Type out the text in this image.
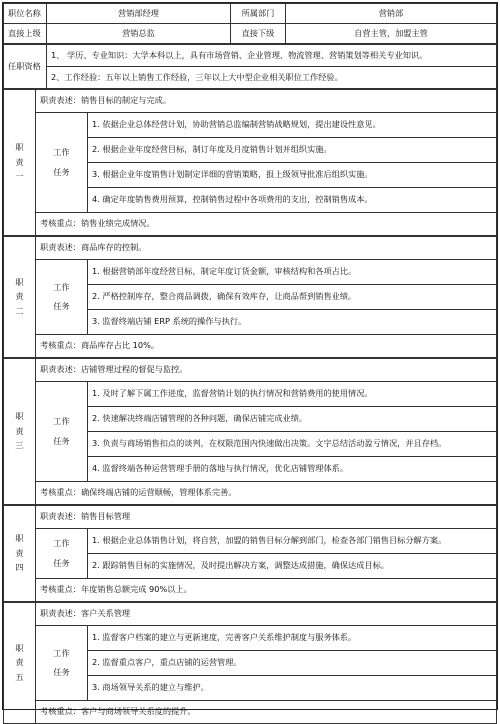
职位名称	营销部经理	所属部门	营销部
直接上级	营销总监	直接下级	自营主管，加盟主管
任职资格	1、 学历、专业知识：大学本科以上，具有市场营销、企业管理、物流管理、营销策划等相关专业知识。
2、工作经验：五年以上销售工作经验，三年以上大中型企业相关职位工作经验。
职
责
一	职责表述：销售目标的制定与完成。	

	工作
任务	1. 依据企业总体经营计划，协助营销总监编制营销战略规划，提出建设性意见。
		2. 根据企业年度经营目标，制订年度及月度销售计划并组织实施。
		3. 根据企业年度销售计划制定详细的营销策略，报上级领导批准后组织实施。
		4. 确定年度销售费用预算，控制销售过程中各项费用的支出，控制销售成本。
	考核重点：销售业绩完成情况。	
职
责
二	职责表述：商品库存的控制。	

	工作
任务	1. 根据营销部年度经营目标，制定年度订货金额，审核结构和各项占比。
		2. 严格控制库存，整合商品调拨，确保有效库存，让商品帮到销售业绩。
		3. 监督终端店铺 ERP 系统的操作与执行。
	考核重点：商品库存占比 10%。	
职
责
三	职责表述：店铺管理过程的督促与监控。	

	工作
任务	1. 及时了解下属工作进度，监督营销计划的执行情况和营销费用的使用情况。
		2. 快速解决终端店铺管理的各种问题，确保店铺完成业绩。
		3. 负责与商场销售扣点的谈判，在权限范围内快速做出决策。文字总结活动盈亏情况，并且存档。
		4. 监督终端各种运营管理手册的落地与执行情况，优化店铺管理体系。
	考核重点：确保终端店铺的运营顺畅，管理体系完善。	
职
责
四	职责表述：销售目标管理	

	工作
任务	1. 根据企业总体销售计划，将自营，加盟的销售目标分解到部门，检查各部门销售目标分解方案。
		2. 跟踪销售目标的实施情况，及时提出解决方案，调整达成措施，确保达成目标。
	考核重点：年度销售总额完成 90%以上。	
职
责
五	职责表述：客户关系管理	

	工作
任务	1. 监督客户档案的建立与更新速度，完善客户关系维护制度与服务体系。
		2. 监督重点客户，重点店铺的运营管理。
		3. 商场领导关系的建立与维护。
	考核重点：客户与商场领导关系度的提升。	
